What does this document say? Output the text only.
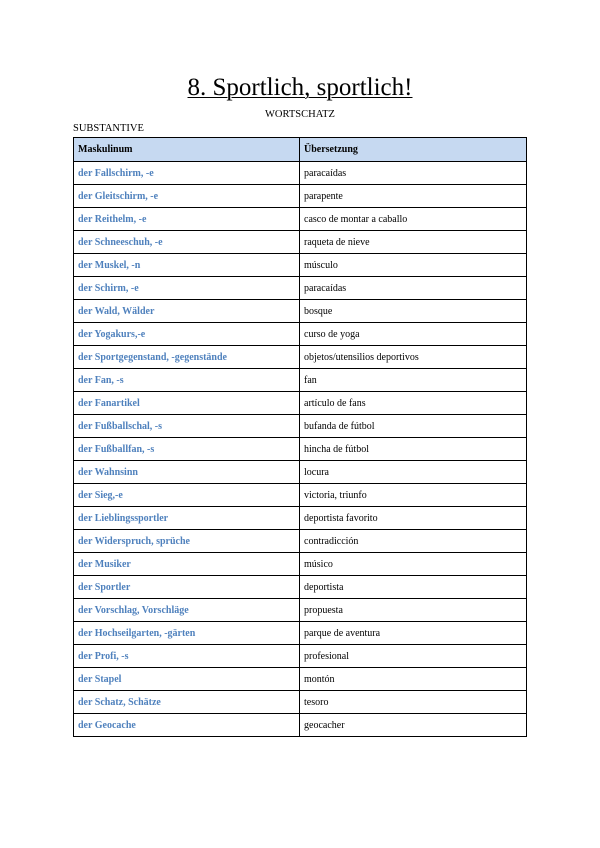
8. Sportlich, sportlich!
WORTSCHATZ
SUBSTANTIVE
Maskulinum	Übersetzung
der Fallschirm, -e	paracaídas
der Gleitschirm, -e	parapente
der Reithelm, -e	casco de montar a caballo
der Schneeschuh, -e	raqueta de nieve
der Muskel, -n	músculo
der Schirm, -e	paracaídas
der Wald, Wälder	bosque
der Yogakurs,-e	curso de yoga
der Sportgegenstand, -gegenstände	objetos/utensilios deportivos
der Fan, -s	fan
der Fanartikel	artículo de fans
der Fußballschal, -s	bufanda de fútbol
der Fußballfan, -s	hincha de fútbol
der Wahnsinn	locura
der Sieg,-e	victoria, triunfo
der Lieblingssportler	deportista favorito
der Widerspruch, sprüche	contradicción
der Musiker	músico
der Sportler	deportista
der Vorschlag, Vorschläge	propuesta
der Hochseilgarten, -gärten	parque de aventura
der Profi, -s	profesional
der Stapel	montón
der Schatz, Schätze	tesoro
der Geocache	geocacher
